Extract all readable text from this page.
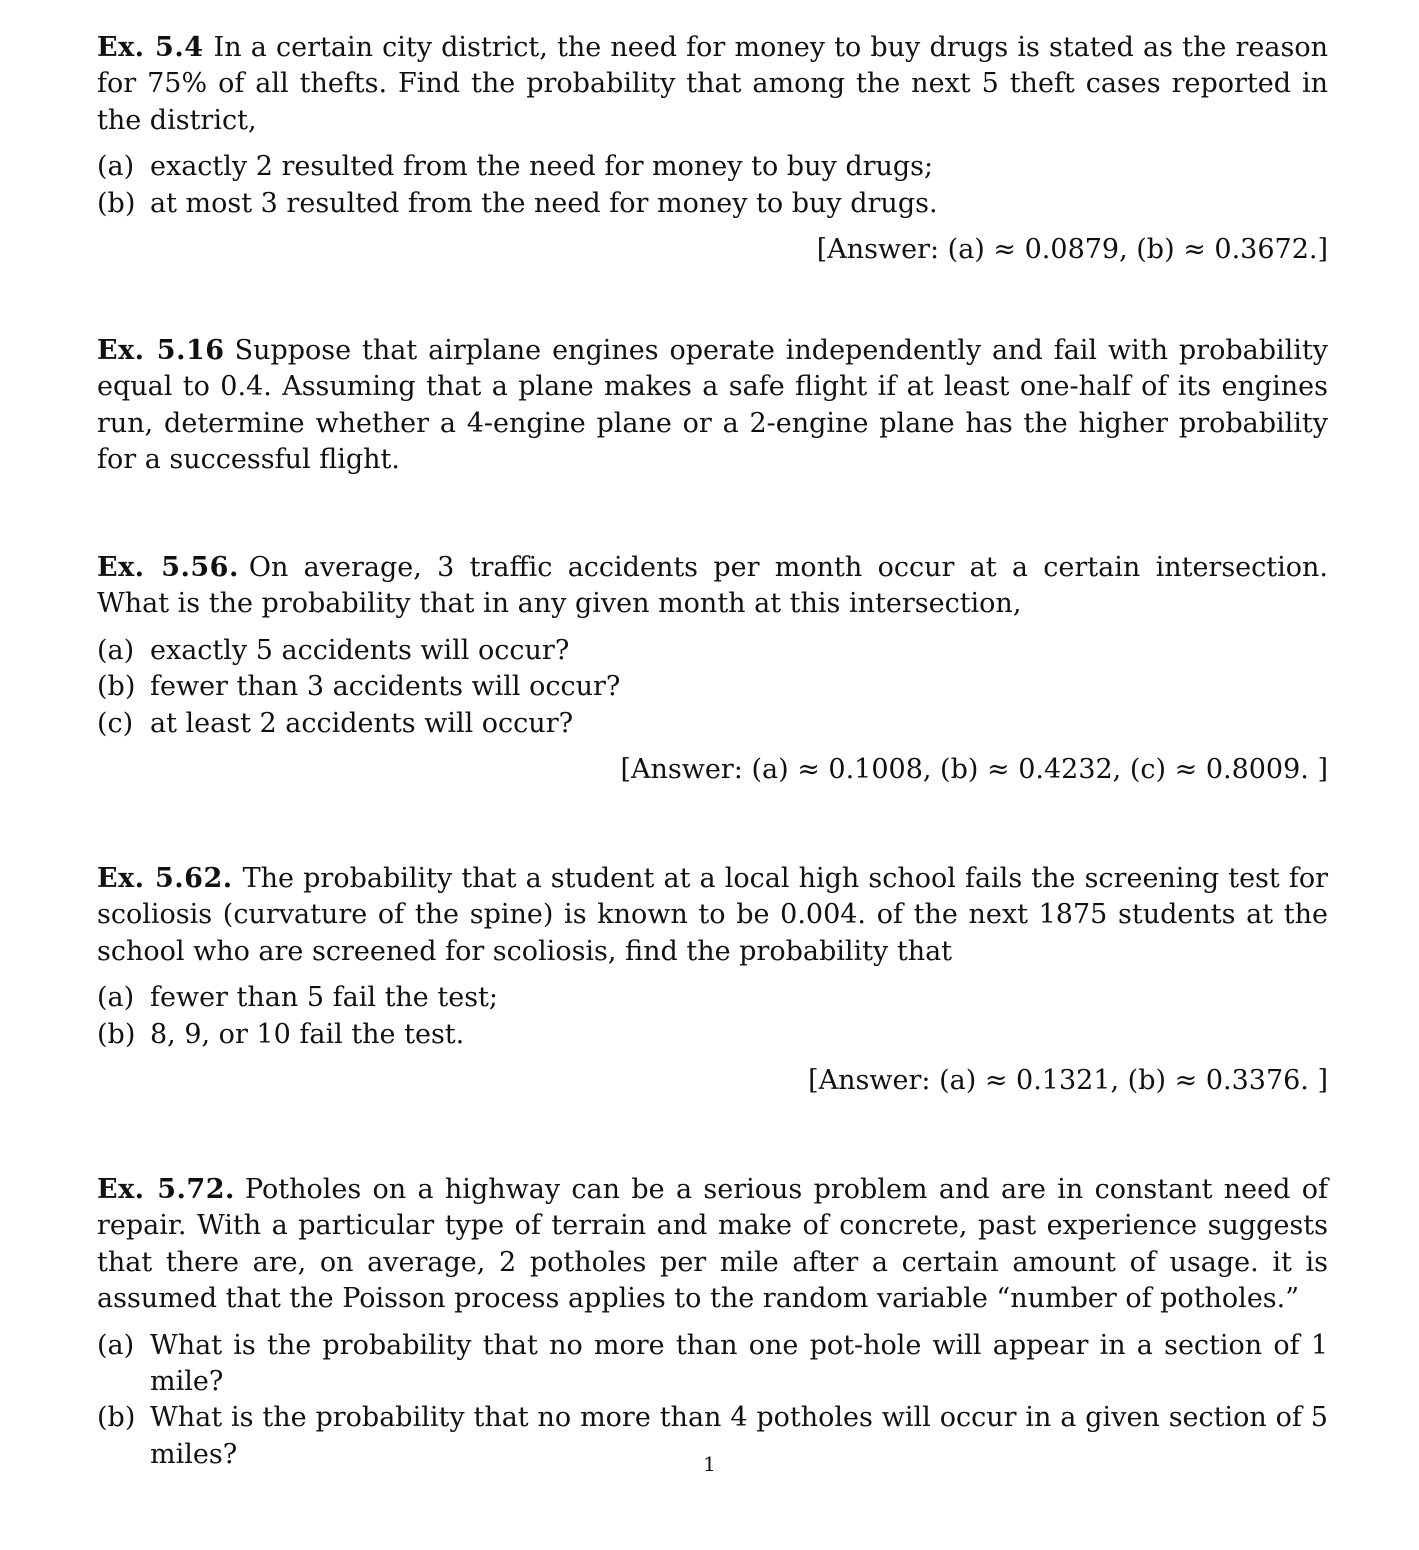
Ex. 5.4 In a certain city district, the need for money to buy drugs is stated as the reason for 75% of all thefts. Find the probability that among the next 5 theft cases reported in the district,

(a) exactly 2 resulted from the need for money to buy drugs;
(b) at most 3 resulted from the need for money to buy drugs.

[Answer: (a) ≈ 0.0879, (b) ≈ 0.3672.]

Ex. 5.16 Suppose that airplane engines operate independently and fail with probability equal to 0.4. Assuming that a plane makes a safe flight if at least one-half of its engines run, determine whether a 4-engine plane or a 2-engine plane has the higher probability for a successful flight.

Ex. 5.56. On average, 3 traffic accidents per month occur at a certain intersection. What is the probability that in any given month at this intersection,

(a) exactly 5 accidents will occur?
(b) fewer than 3 accidents will occur?
(c) at least 2 accidents will occur?

[Answer: (a) ≈ 0.1008, (b) ≈ 0.4232, (c) ≈ 0.8009. ]

Ex. 5.62. The probability that a student at a local high school fails the screening test for scoliosis (curvature of the spine) is known to be 0.004. of the next 1875 students at the school who are screened for scoliosis, find the probability that

(a) fewer than 5 fail the test;
(b) 8, 9, or 10 fail the test.

[Answer: (a) ≈ 0.1321, (b) ≈ 0.3376. ]

Ex. 5.72. Potholes on a highway can be a serious problem and are in constant need of repair. With a particular type of terrain and make of concrete, past experience suggests that there are, on average, 2 potholes per mile after a certain amount of usage. it is assumed that the Poisson process applies to the random variable “number of potholes.”

(a) What is the probability that no more than one pot-hole will appear in a section of 1 mile?
(b) What is the probability that no more than 4 potholes will occur in a given section of 5 miles?	1
